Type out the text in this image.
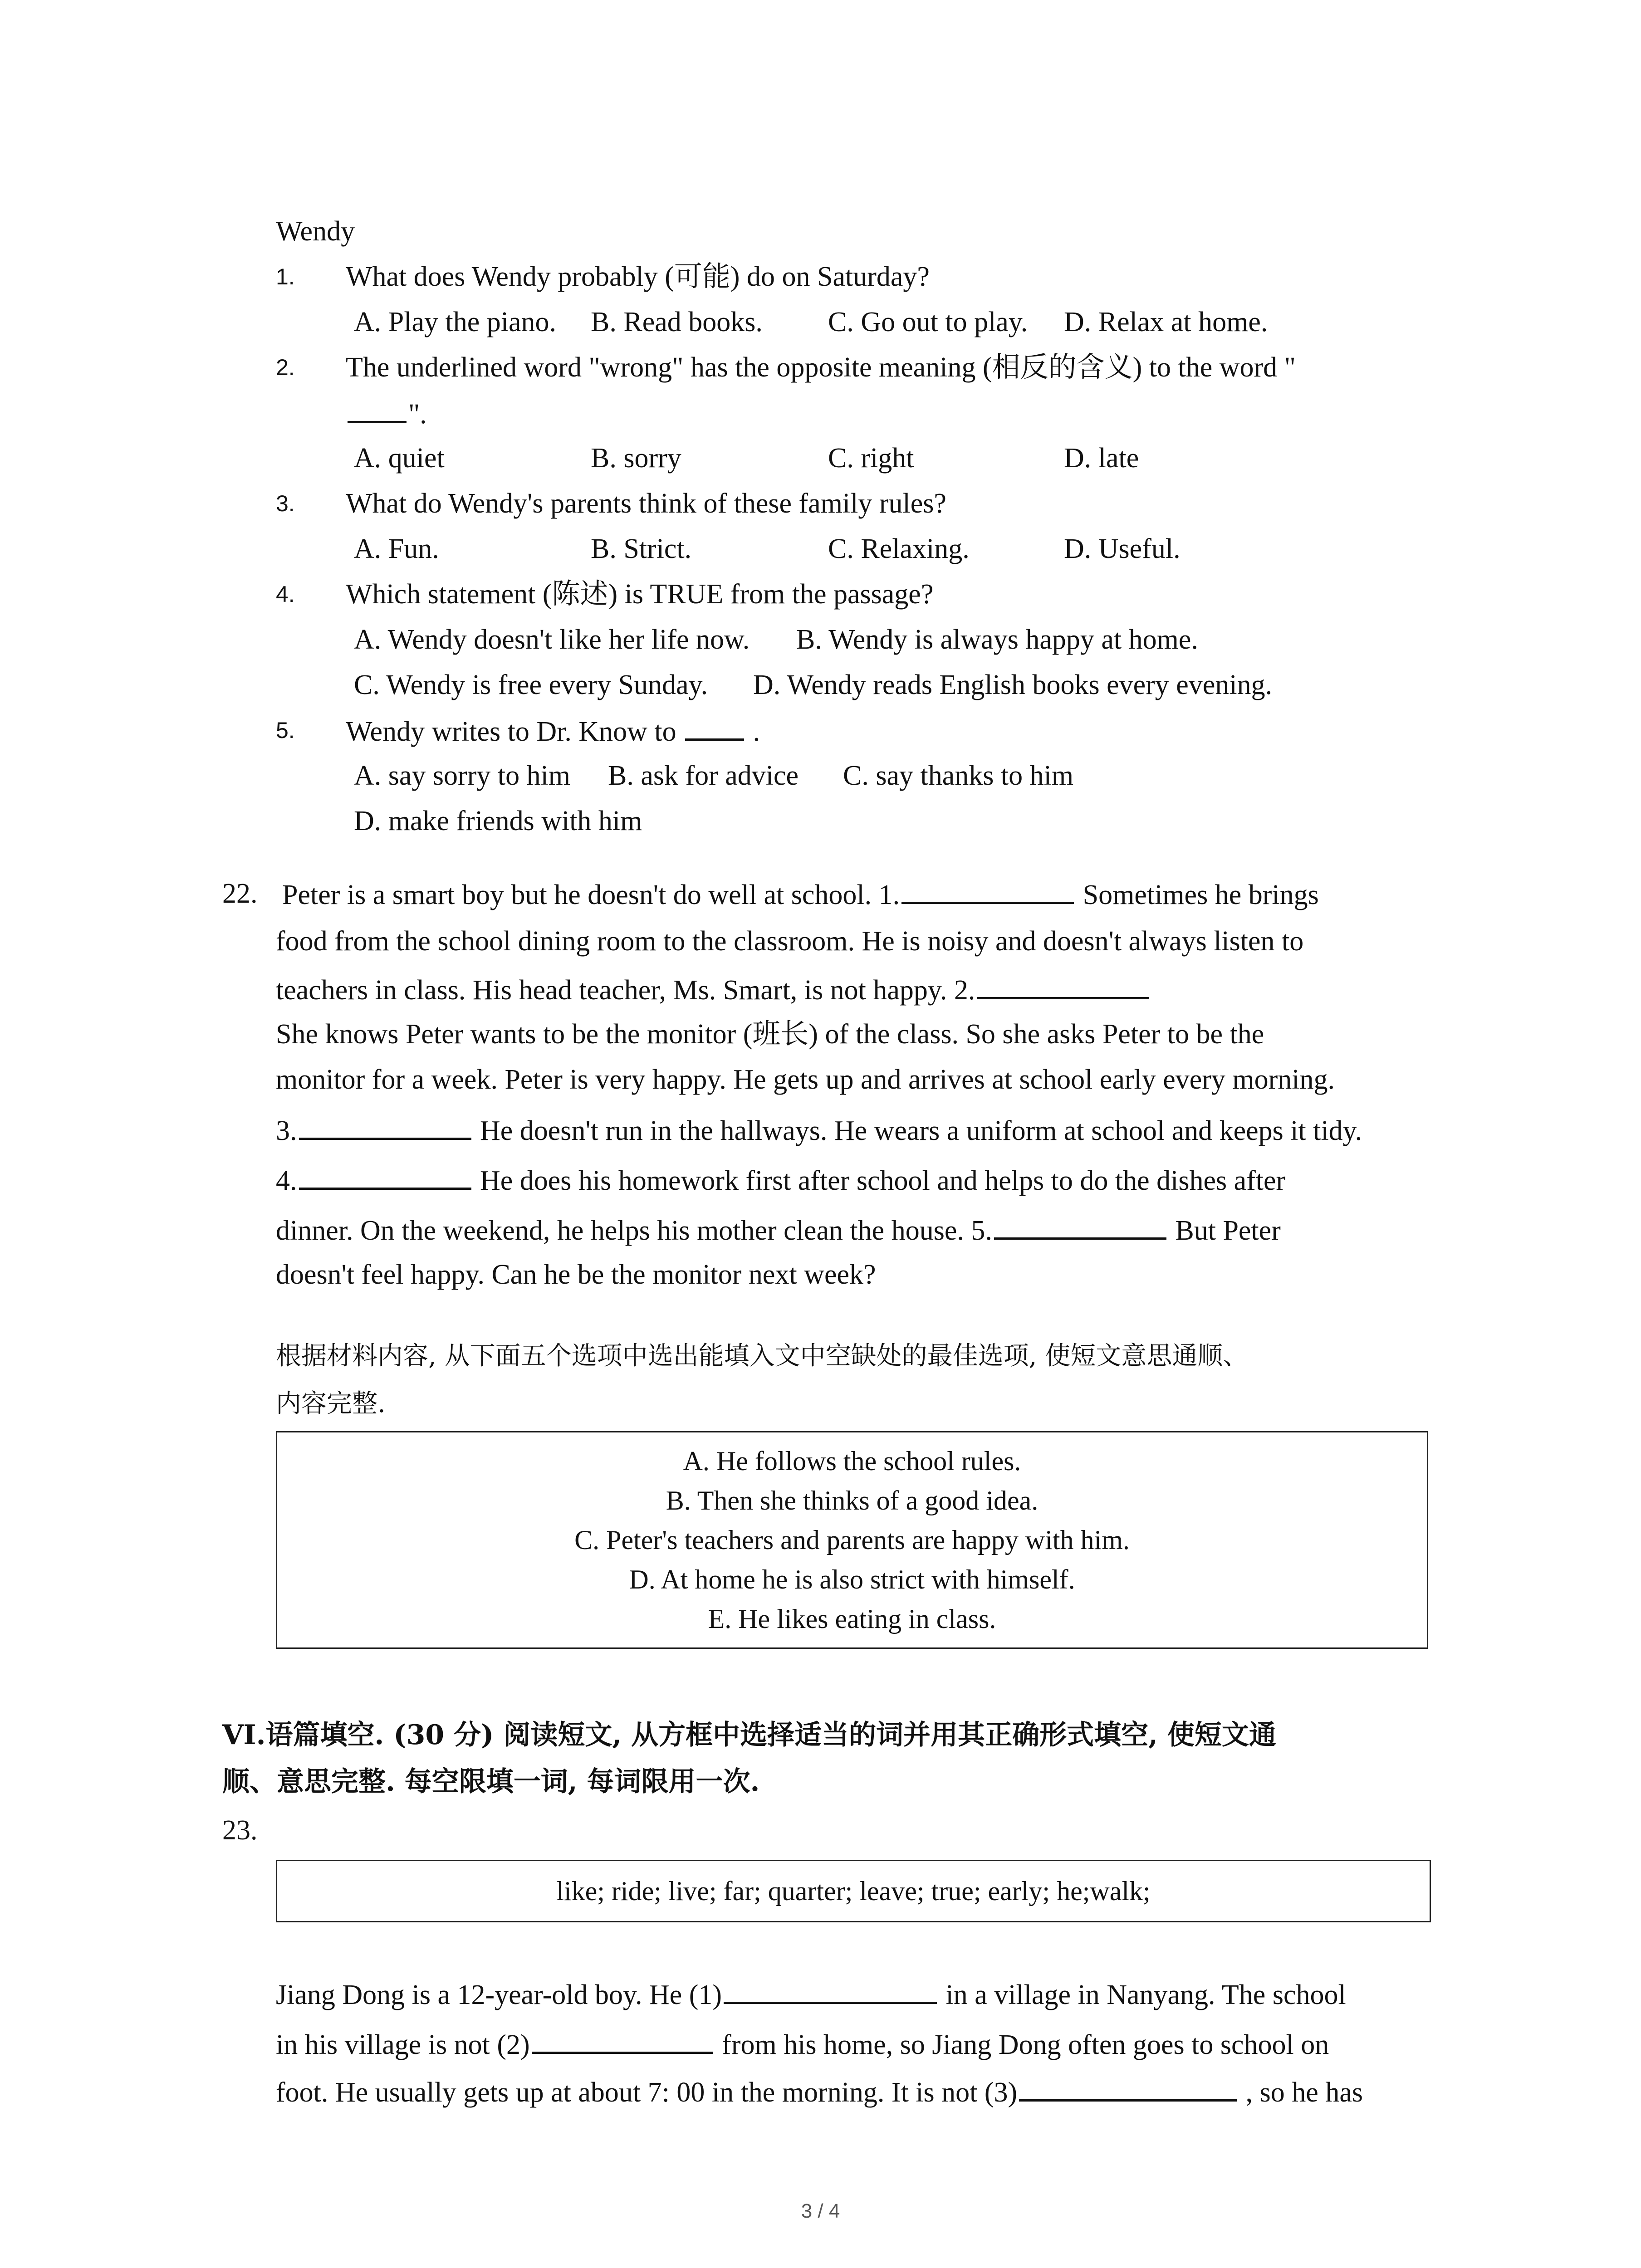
Wendy
1. What does Wendy probably (可能) do on Saturday?
A. Play the piano. B. Read books. C. Go out to play. D. Relax at home.
2. The underlined word "wrong" has the opposite meaning (相反的含义) to the word "
".
A. quiet	B. sorry	C. right	D. late
3. What do Wendy's parents think of these family rules?
A. Fun.	B. Strict.	C. Relaxing.	D. Useful.
4. Which statement (陈述) is TRUE from the passage?
A. Wendy doesn't like her life now. B. Wendy is always happy at home.
C. Wendy is free every Sunday. D. Wendy reads English books every evening.
5. Wendy writes to Dr. Know to	.
A. say sorry to him B. ask for advice C. say thanks to him
D. make friends with him
22. Peter is a smart boy but he doesn't do well at school. 1.	Sometimes he brings
food from the school dining room to the classroom. He is noisy and doesn't always listen to
teachers in class. His head teacher, Ms. Smart, is not happy. 2.
She knows Peter wants to be the monitor (班长) of the class. So she asks Peter to be the
monitor for a week. Peter is very happy. He gets up and arrives at school early every morning.
3.	He doesn't run in the hallways. He wears a uniform at school and keeps it tidy.
4.	He does his homework first after school and helps to do the dishes after
dinner. On the weekend, he helps his mother clean the house. 5.	But Peter
doesn't feel happy. Can he be the monitor next week?
根据材料内容, 从下面五个选项中选出能填入文中空缺处的最佳选项, 使短文意思通顺、
内容完整.
A. He follows the school rules.
B. Then she thinks of a good idea.
C. Peter's teachers and parents are happy with him.
D. At home he is also strict with himself.
E. He likes eating in class.
VI.语篇填空. (30 分) 阅读短文, 从方框中选择适当的词并用其正确形式填空, 使短文通
顺、意思完整. 每空限填一词, 每词限用一次.
23.
like; ride; live; far; quarter; leave; true; early; he;walk;
Jiang Dong is a 12-year-old boy. He (1)	in a village in Nanyang. The school
in his village is not (2)	from his home, so Jiang Dong often goes to school on
foot. He usually gets up at about 7: 00 in the morning. It is not (3)	, so he has
3 / 4
